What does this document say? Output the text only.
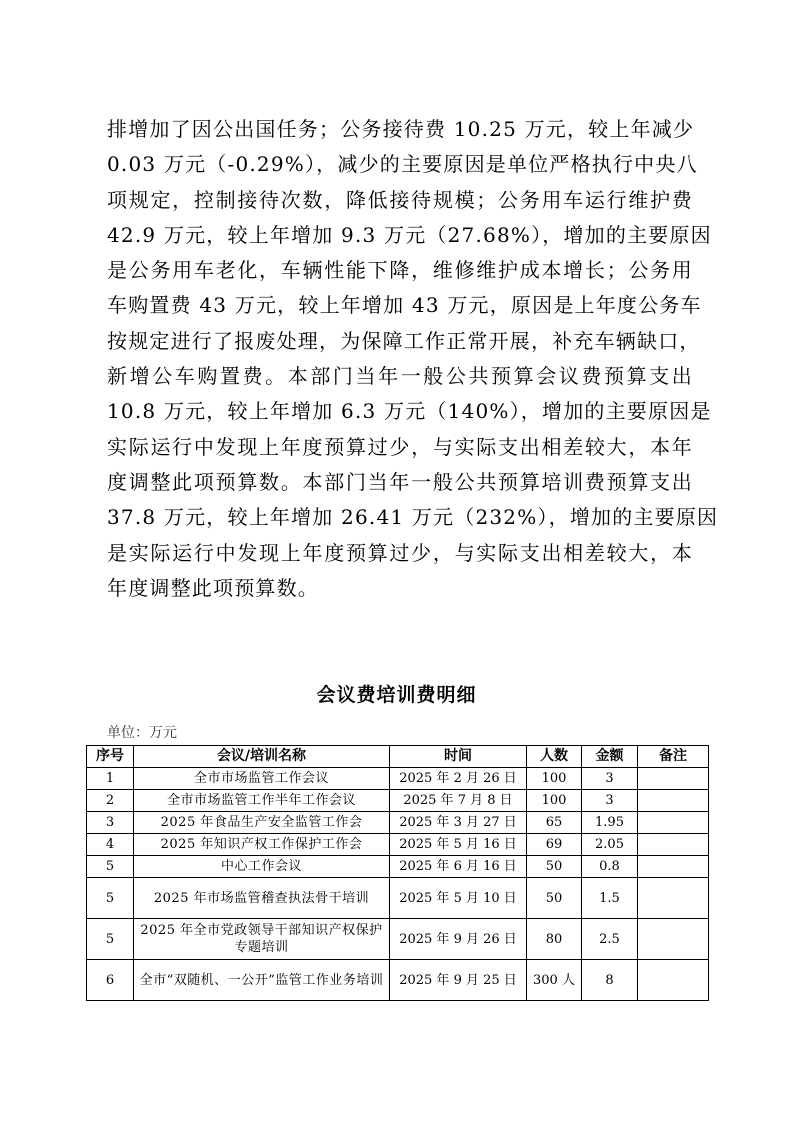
排增加了因公出国任务；公务接待费 10.25 万元，较上年减少
0.03 万元（-0.29%），减少的主要原因是单位严格执行中央八
项规定，控制接待次数，降低接待规模；公务用车运行维护费
42.9 万元，较上年增加 9.3 万元（27.68%），增加的主要原因
是公务用车老化，车辆性能下降，维修维护成本增长；公务用
车购置费 43 万元，较上年增加 43 万元，原因是上年度公务车
按规定进行了报废处理，为保障工作正常开展，补充车辆缺口，
新增公车购置费。本部门当年一般公共预算会议费预算支出
10.8 万元，较上年增加 6.3 万元（140%），增加的主要原因是
实际运行中发现上年度预算过少，与实际支出相差较大，本年
度调整此项预算数。本部门当年一般公共预算培训费预算支出
37.8 万元，较上年增加 26.41 万元（232%），增加的主要原因
是实际运行中发现上年度预算过少，与实际支出相差较大，本
年度调整此项预算数。
会议费培训费明细
单位：万元
序号	会议/培训名称	时间	人数	金额	备注
1	全市市场监管工作会议	2025 年 2 月 26 日	100	3	
2	全市市场监管工作半年工作会议	2025 年 7 月 8 日	100	3	
3	2025 年食品生产安全监管工作会	2025 年 3 月 27 日	65	1.95	
4	2025 年知识产权工作保护工作会	2025 年 5 月 16 日	69	2.05	
5	中心工作会议	2025 年 6 月 16 日	50	0.8	
5	2025 年市场监管稽查执法骨干培训	2025 年 5 月 10 日	50	1.5	
5	2025 年全市党政领导干部知识产权保护专题培训	2025 年 9 月 26 日	80	2.5	
6	全市“双随机、一公开”监管工作业务培训	2025 年 9 月 25 日	300 人	8	
